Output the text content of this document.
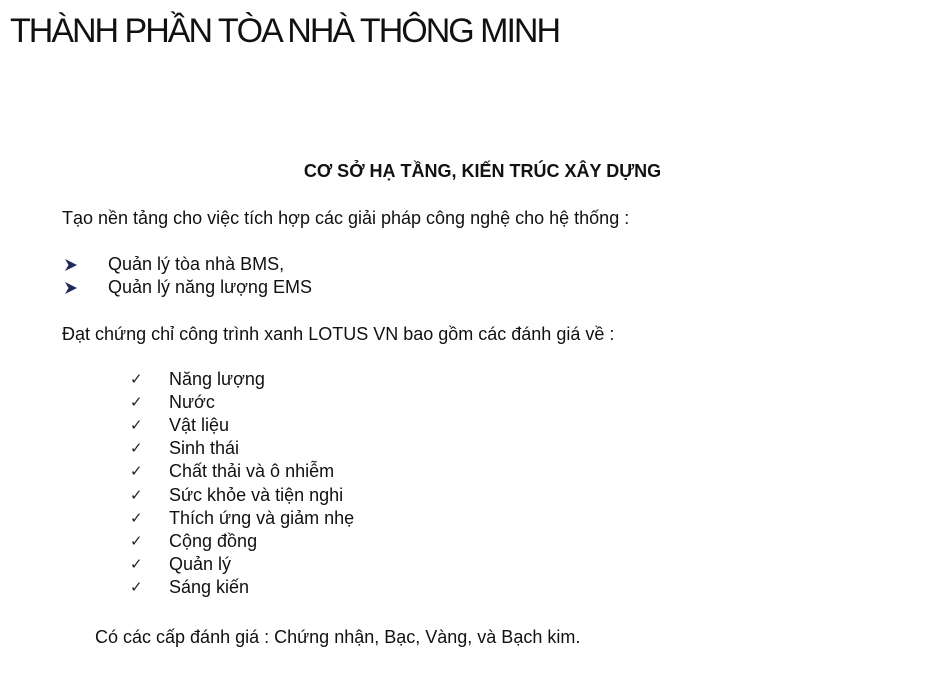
THÀNH PHẦN TÒA NHÀ THÔNG MINH
CƠ SỞ HẠ TẦNG, KIẾN TRÚC XÂY DỰNG

Tạo nền tảng cho việc tích hợp các giải pháp công nghệ cho hệ thống :

Quản lý tòa nhà BMS,
Quản lý năng lượng EMS

Đạt chứng chỉ công trình xanh LOTUS VN bao gồm các đánh giá về :

✓	Năng lượng
✓	Nước
✓	Vật liệu
✓	Sinh thái
✓	Chất thải và ô nhiễm
✓	Sức khỏe và tiện nghi
✓	Thích ứng và giảm nhẹ
✓	Cộng đồng
✓	Quản lý
✓	Sáng kiến

Có các cấp đánh giá : Chứng nhận, Bạc, Vàng, và Bạch kim.
